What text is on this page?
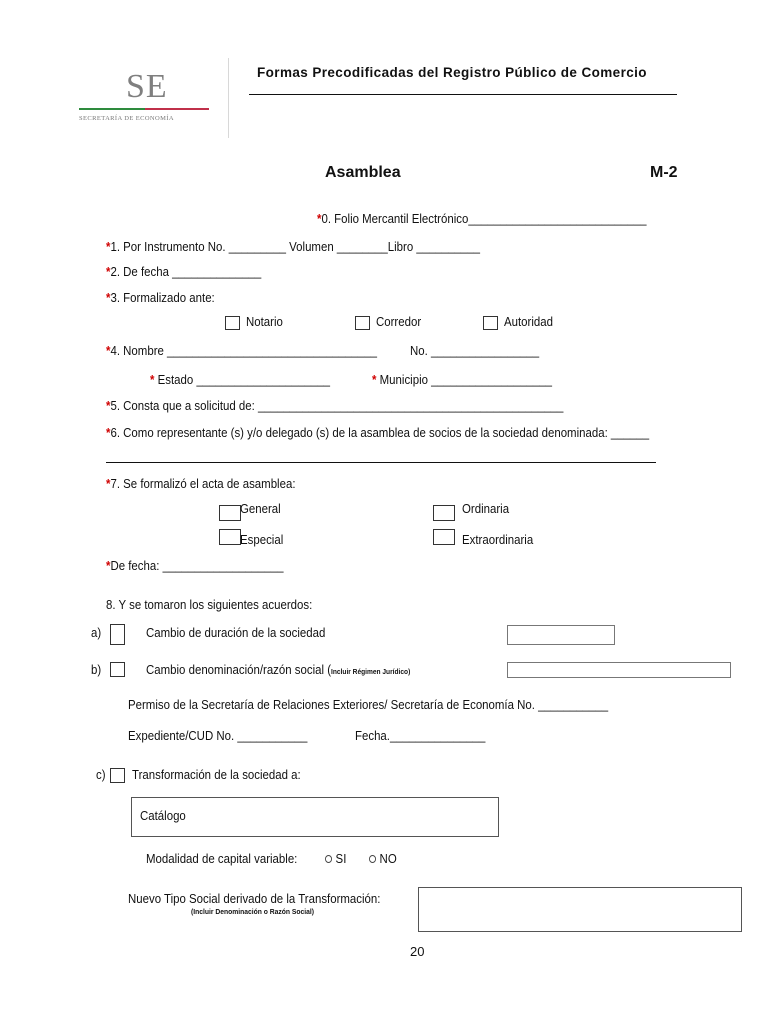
SE
SECRETARÍA DE ECONOMÍA
Formas Precodificadas del Registro Público de Comercio
Asamblea	M-2
*0. Folio Mercantil Electrónico____________________________
*1. Por Instrumento No. _________ Volumen ________Libro __________
*2. De fecha ______________
*3. Formalizado ante:
Notario	Corredor	Autoridad
*4. Nombre _________________________________	No. _________________
* Estado _____________________	* Municipio ___________________
*5. Consta que a solicitud de: ________________________________________________
*6. Como representante (s) y/o delegado (s) de la asamblea de socios de la sociedad denominada: ______
*7. Se formalizó el acta de asamblea:
General	Ordinaria
Especial	Extraordinaria
*De fecha: ___________________
8. Y se tomaron los siguientes acuerdos:
a)	Cambio de duración de la sociedad
b)	Cambio denominación/razón social (Incluir Régimen Jurídico)
Permiso de la Secretaría de Relaciones Exteriores/ Secretaría de Economía No. ___________
Expediente/CUD No. ___________	Fecha._______________
c) Transformación de la sociedad a:
Catálogo
Modalidad de capital variable:	SI	NO
Nuevo Tipo Social derivado de la Transformación:
(Incluir Denominación o Razón Social)
20
